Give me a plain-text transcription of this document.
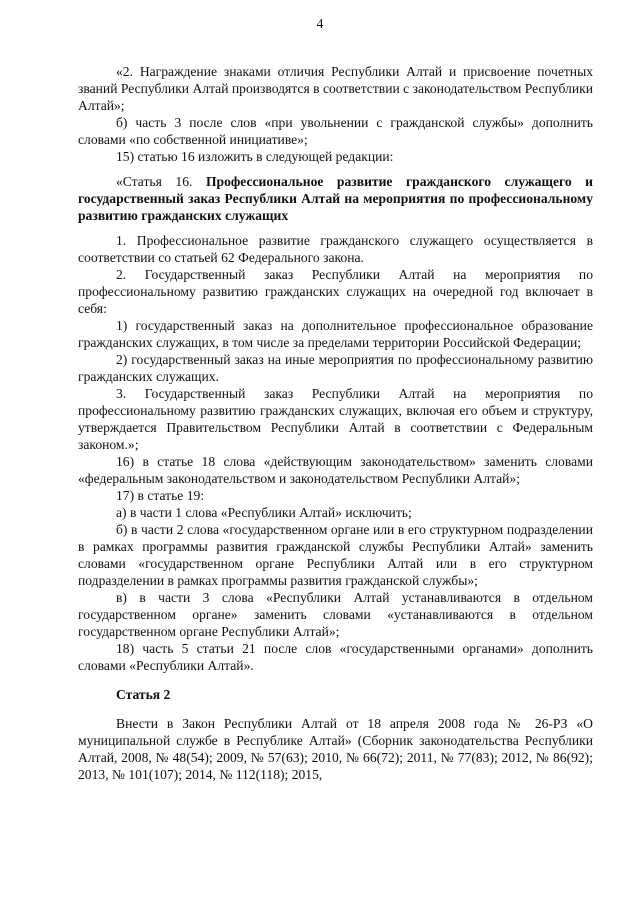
4

«2. Награждение знаками отличия Республики Алтай и присвоение почетных званий Республики Алтай производятся в соответствии с законодательством Республики Алтай»;

б) часть 3 после слов «при увольнении с гражданской службы» дополнить словами «по собственной инициативе»;

15) статью 16 изложить в следующей редакции:

«Статья 16. Профессиональное развитие гражданского служащего и государственный заказ Республики Алтай на мероприятия по профессиональному развитию гражданских служащих

1. Профессиональное развитие гражданского служащего осуществляется в соответствии со статьей 62 Федерального закона.

2. Государственный заказ Республики Алтай на мероприятия по профессиональному развитию гражданских служащих на очередной год включает в себя:

1) государственный заказ на дополнительное профессиональное образование гражданских служащих, в том числе за пределами территории Российской Федерации;

2) государственный заказ на иные мероприятия по профессиональному развитию гражданских служащих.

3. Государственный заказ Республики Алтай на мероприятия по профессиональному развитию гражданских служащих, включая его объем и структуру, утверждается Правительством Республики Алтай в соответствии с Федеральным законом.»;

16) в статье 18 слова «действующим законодательством» заменить словами «федеральным законодательством и законодательством Республики Алтай»;

17) в статье 19:

а) в части 1 слова «Республики Алтай» исключить;

б) в части 2 слова «государственном органе или в его структурном подразделении в рамках программы развития гражданской службы Республики Алтай» заменить словами «государственном органе Республики Алтай или в его структурном подразделении в рамках программы развития гражданской службы»;

в) в части 3 слова «Республики Алтай устанавливаются в отдельном государственном органе» заменить словами «устанавливаются в отдельном государственном органе Республики Алтай»;

18) часть 5 статьи 21 после слов «государственными органами» дополнить словами «Республики Алтай».

Статья 2

Внести в Закон Республики Алтай от 18 апреля 2008 года № 26-РЗ «О муниципальной службе в Республике Алтай» (Сборник законодательства Республики Алтай, 2008, № 48(54); 2009, № 57(63); 2010, № 66(72); 2011, № 77(83); 2012, № 86(92); 2013, № 101(107); 2014, № 112(118); 2015,
